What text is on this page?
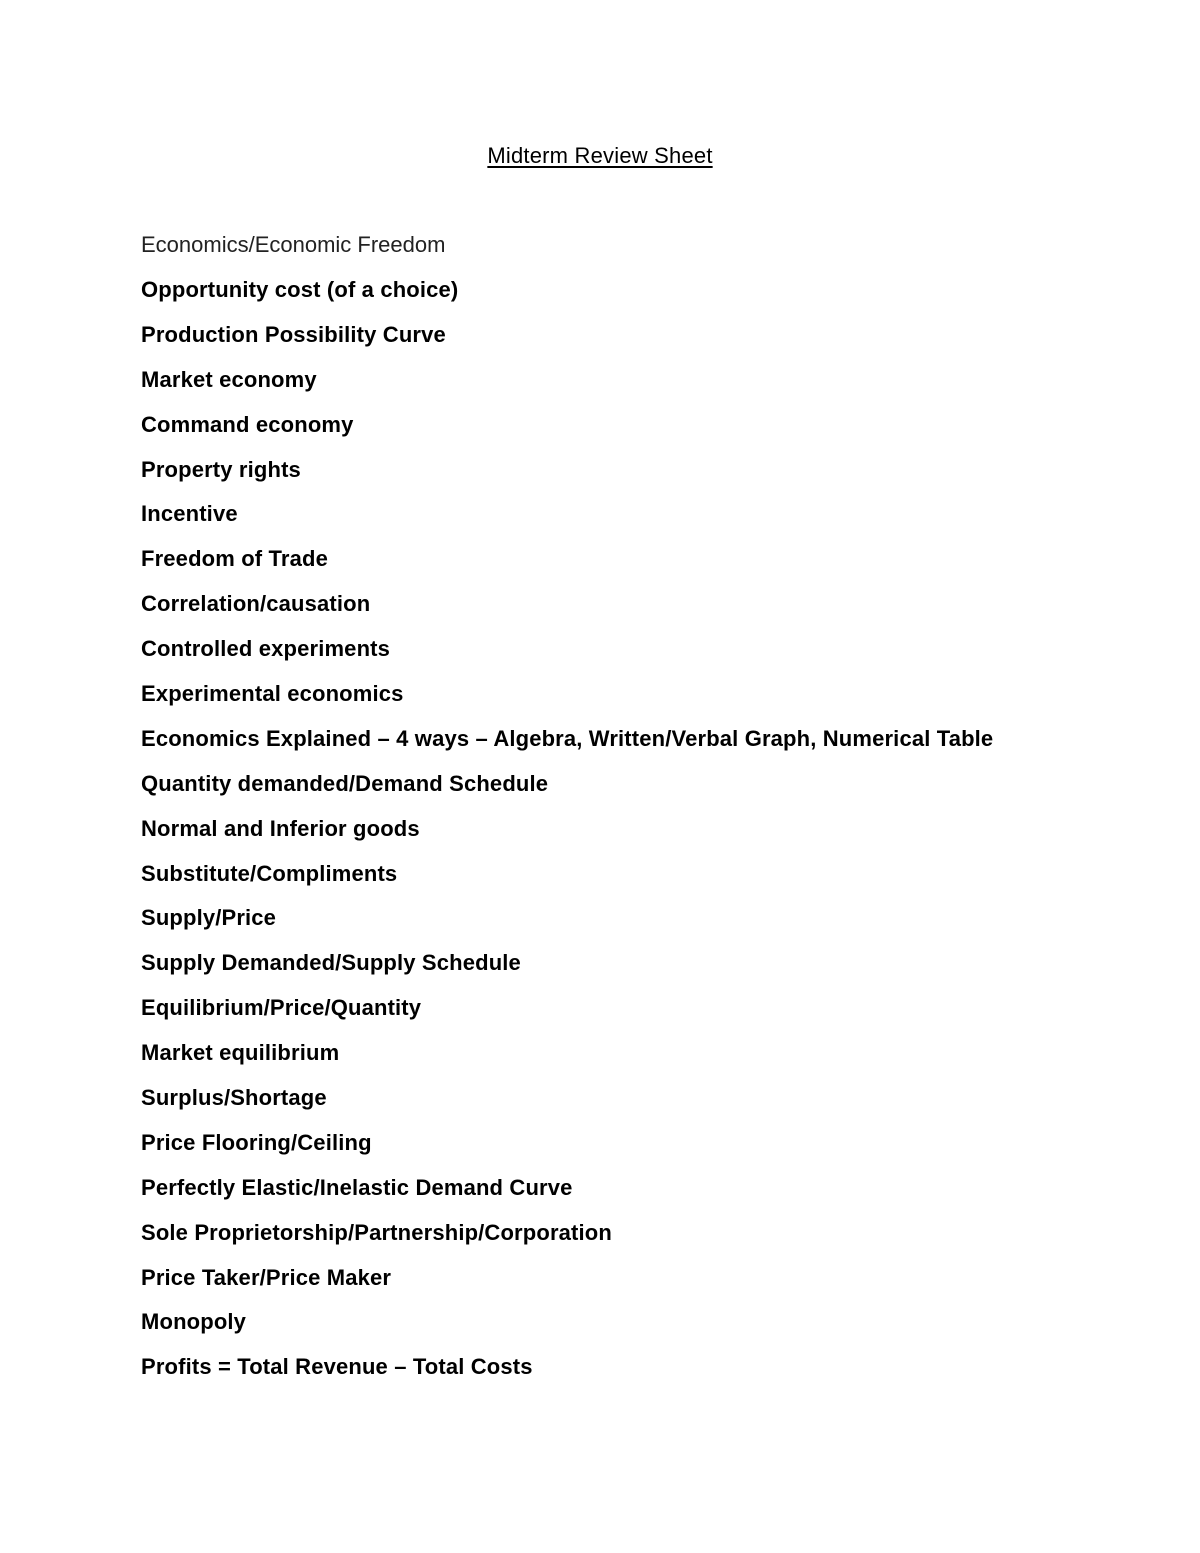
Midterm Review Sheet
Economics/Economic Freedom
Opportunity cost (of a choice)
Production Possibility Curve
Market economy
Command economy
Property rights
Incentive
Freedom of Trade
Correlation/causation
Controlled experiments
Experimental economics
Economics Explained – 4 ways – Algebra, Written/Verbal Graph, Numerical Table
Quantity demanded/Demand Schedule
Normal and Inferior goods
Substitute/Compliments
Supply/Price
Supply Demanded/Supply Schedule
Equilibrium/Price/Quantity
Market equilibrium
Surplus/Shortage
Price Flooring/Ceiling
Perfectly Elastic/Inelastic Demand Curve
Sole Proprietorship/Partnership/Corporation
Price Taker/Price Maker
Monopoly
Profits = Total Revenue – Total Costs
